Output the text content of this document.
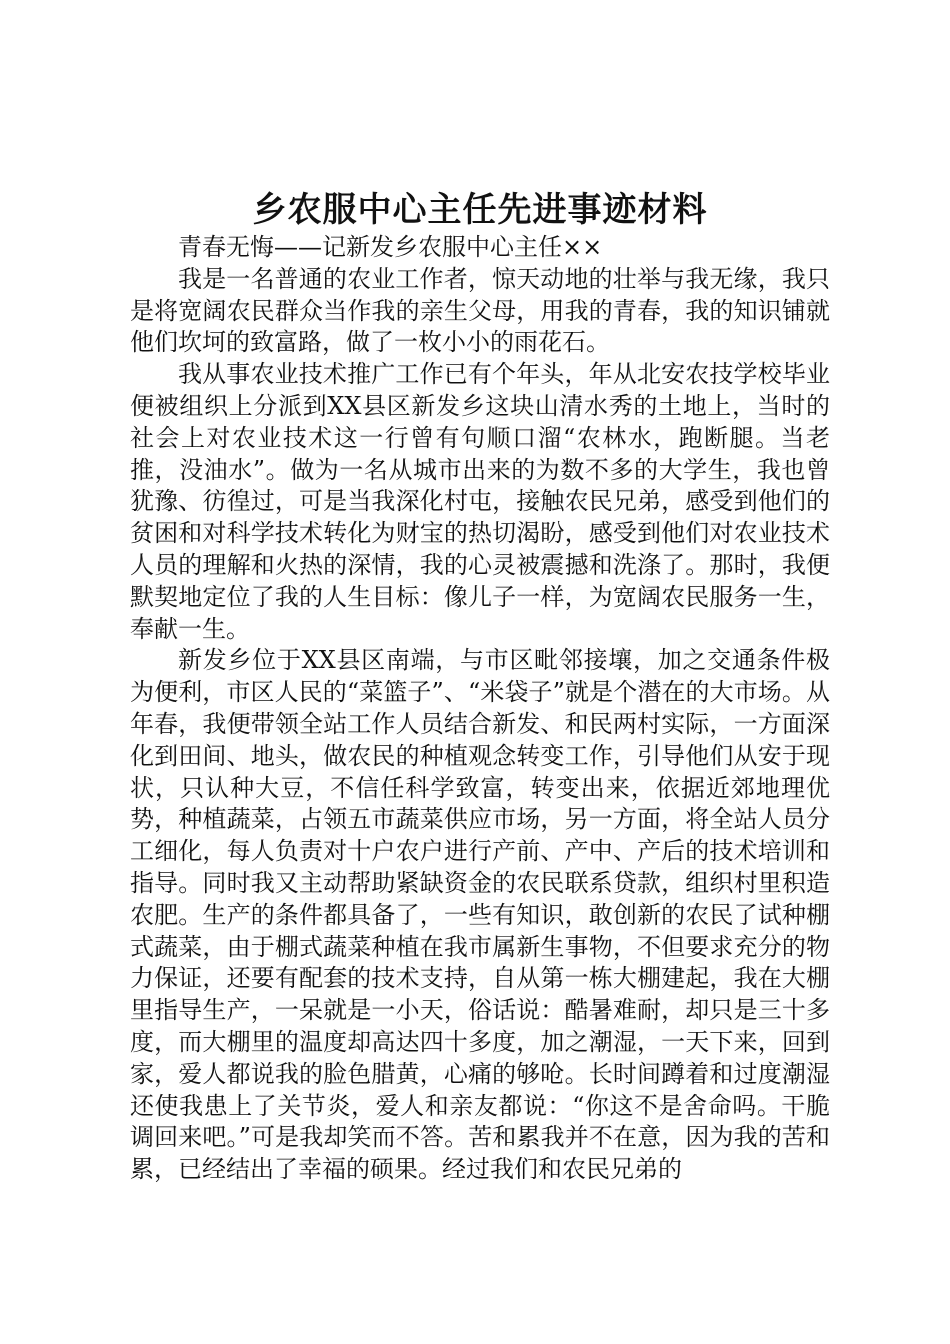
乡农服中心主任先进事迹材料

青春无悔——记新发乡农服中心主任××

我是一名普通的农业工作者，惊天动地的壮举与我无缘，我只是将宽阔农民群众当作我的亲生父母，用我的青春，我的知识铺就他们坎坷的致富路，做了一枚小小的雨花石。

我从事农业技术推广工作已有个年头，年从北安农技学校毕业便被组织上分派到XX县区新发乡这块山清水秀的土地上，当时的社会上对农业技术这一行曾有句顺口溜“农林水，跑断腿。当老推，没油水”。做为一名从城市出来的为数不多的大学生，我也曾犹豫、彷徨过，可是当我深化村屯，接触农民兄弟，感受到他们的贫困和对科学技术转化为财宝的热切渴盼，感受到他们对农业技术人员的理解和火热的深情，我的心灵被震撼和洗涤了。那时，我便默契地定位了我的人生目标：像儿子一样，为宽阔农民服务一生，奉献一生。

新发乡位于XX县区南端，与市区毗邻接壤，加之交通条件极为便利，市区人民的“菜篮子”、“米袋子”就是个潜在的大市场。从年春，我便带领全站工作人员结合新发、和民两村实际，一方面深化到田间、地头，做农民的种植观念转变工作，引导他们从安于现状，只认种大豆，不信任科学致富，转变出来，依据近郊地理优势，种植蔬菜，占领五市蔬菜供应市场，另一方面，将全站人员分工细化，每人负责对十户农户进行产前、产中、产后的技术培训和指导。同时我又主动帮助紧缺资金的农民联系贷款，组织村里积造农肥。生产的条件都具备了，一些有知识，敢创新的农民了试种棚式蔬菜，由于棚式蔬菜种植在我市属新生事物，不但要求充分的物力保证，还要有配套的技术支持，自从第一栋大棚建起，我在大棚里指导生产，一呆就是一小天，俗话说：酷暑难耐，却只是三十多度，而大棚里的温度却高达四十多度，加之潮湿，一天下来，回到家，爱人都说我的脸色腊黄，心痛的够呛。长时间蹲着和过度潮湿还使我患上了关节炎，爱人和亲友都说：“你这不是舍命吗。干脆调回来吧。”可是我却笑而不答。苦和累我并不在意，因为我的苦和累，已经结出了幸福的硕果。经过我们和农民兄弟的
